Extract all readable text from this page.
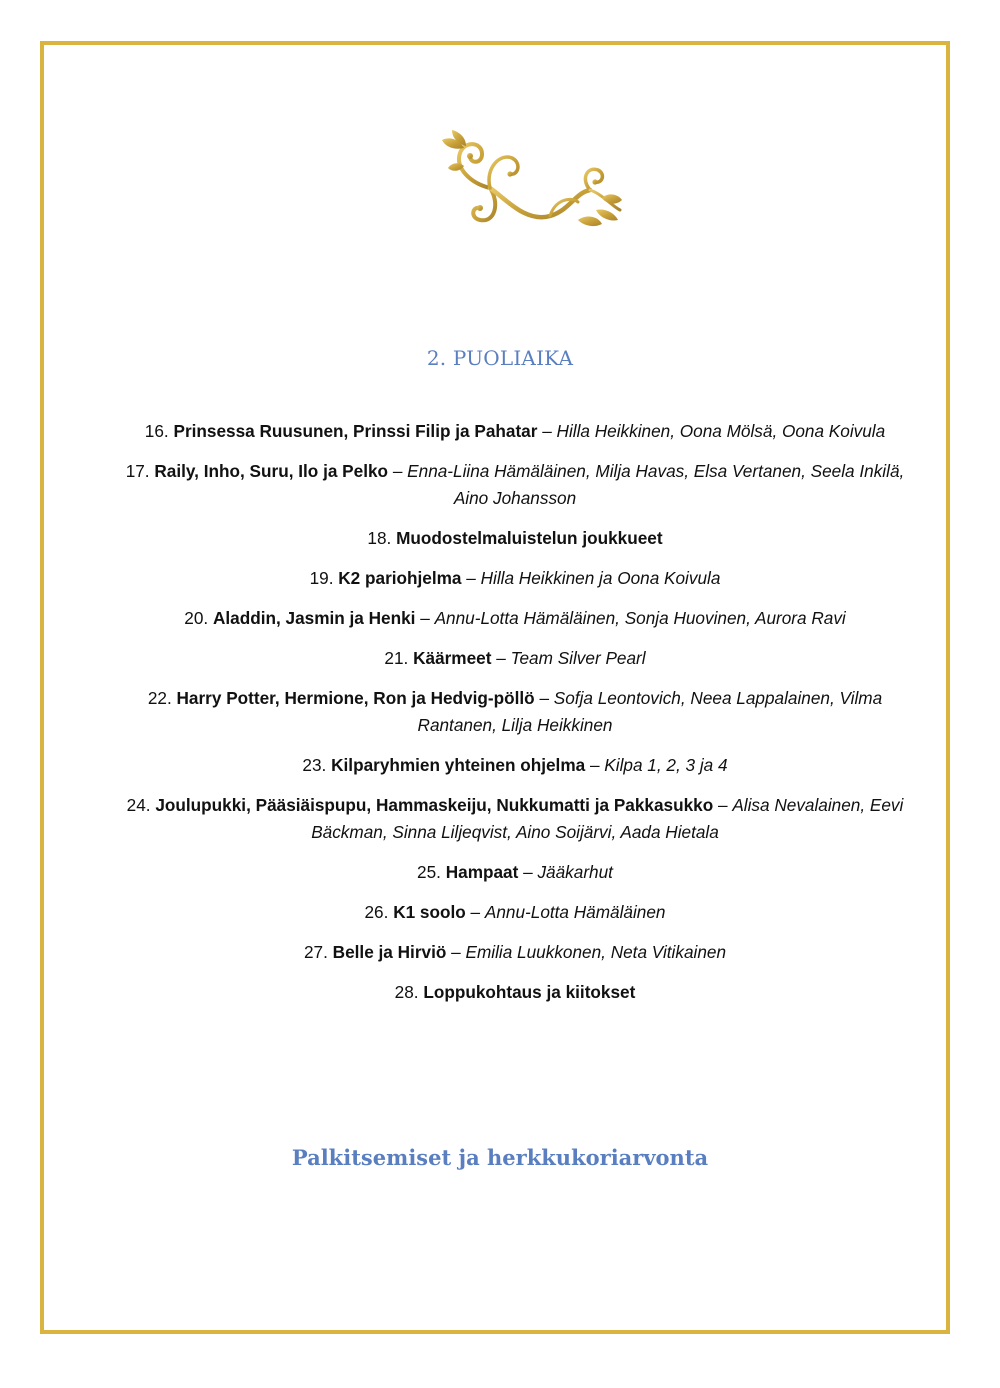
2. PUOLIAIKA
16. Prinsessa Ruusunen, Prinssi Filip ja Pahatar – Hilla Heikkinen, Oona Mölsä, Oona Koivula
17. Raily, Inho, Suru, Ilo ja Pelko – Enna-Liina Hämäläinen, Milja Havas, Elsa Vertanen, Seela Inkilä, Aino Johansson
18. Muodostelmaluistelun joukkueet
19. K2 pariohjelma – Hilla Heikkinen ja Oona Koivula
20. Aladdin, Jasmin ja Henki – Annu-Lotta Hämäläinen, Sonja Huovinen, Aurora Ravi
21. Käärmeet – Team Silver Pearl
22. Harry Potter, Hermione, Ron ja Hedvig-pöllö – Sofja Leontovich, Neea Lappalainen, Vilma Rantanen, Lilja Heikkinen
23. Kilparyhmien yhteinen ohjelma – Kilpa 1, 2, 3 ja 4
24. Joulupukki, Pääsiäispupu, Hammaskeiju, Nukkumatti ja Pakkasukko – Alisa Nevalainen, Eevi Bäckman, Sinna Liljeqvist, Aino Soijärvi, Aada Hietala
25. Hampaat – Jääkarhut
26. K1 soolo – Annu-Lotta Hämäläinen
27. Belle ja Hirviö – Emilia Luukkonen, Neta Vitikainen
28. Loppukohtaus ja kiitokset
Palkitsemiset ja herkkukoriarvonta
